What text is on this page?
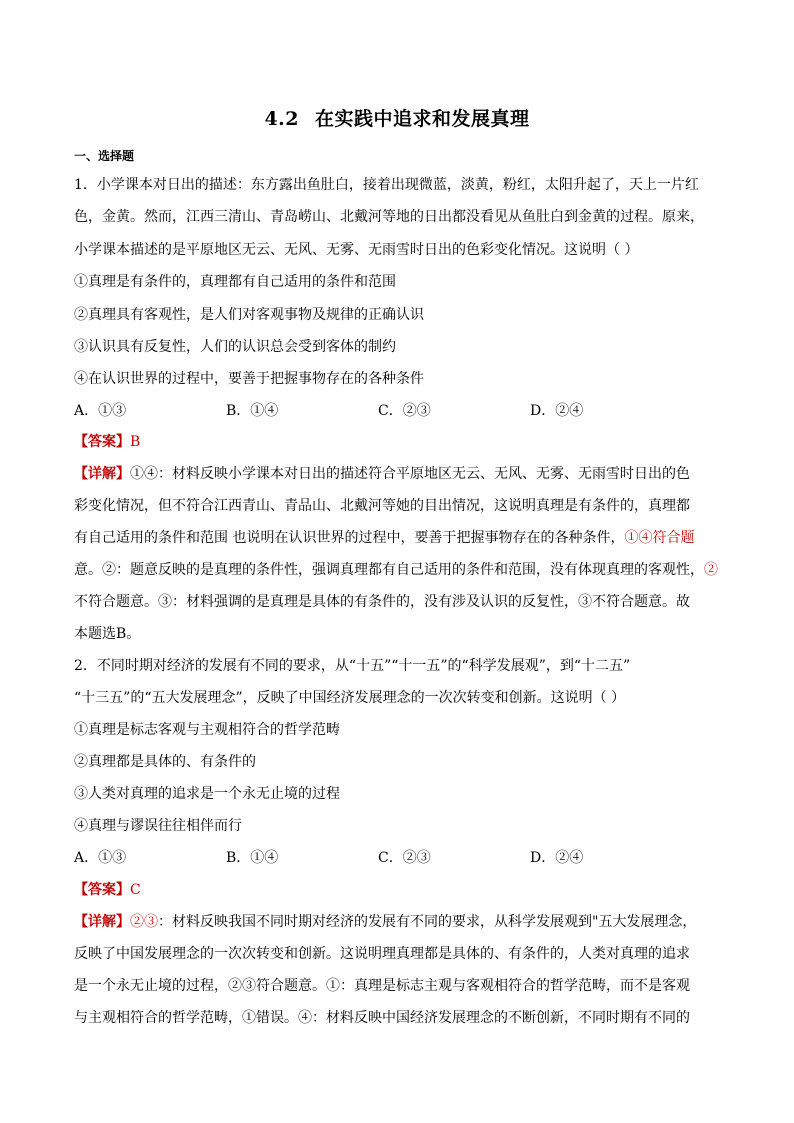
4.2 在实践中追求和发展真理
一、选择题
1．小学课本对日出的描述：东方露出鱼肚白，接着出现微蓝，淡黄，粉红，太阳升起了，天上一片红
色，金黄。然而，江西三清山、青岛崂山、北戴河等地的日出都没看见从鱼肚白到金黄的过程。原来，
小学课本描述的是平原地区无云、无风、无雾、无雨雪时日出的色彩变化情况。这说明（ ）
①真理是有条件的，真理都有自己适用的条件和范围
②真理具有客观性，是人们对客观事物及规律的正确认识
③认识具有反复性，人们的认识总会受到客体的制约
④在认识世界的过程中，要善于把握事物存在的各种条件
A．①③	B．①④	C．②③	D．②④
【答案】B
【详解】①④：材料反映小学课本对日出的描述符合平原地区无云、无风、无雾、无雨雪时日出的色
彩变化情况，但不符合江西青山、青品山、北戴河等她的目出情况，这说明真理是有条件的，真理都
有自己适用的条件和范围 也说明在认识世界的过程中，要善于把握事物存在的各种条件，①④符合题
意。②：题意反映的是真理的条件性，强调真理都有自己适用的条件和范围，没有体现真理的客观性，②
不符合题意。③：材料强调的是真理是具体的有条件的，没有涉及认识的反复性，③不符合题意。故
本题选B。
2．不同时期对经济的发展有不同的要求，从“十五”“十一五”的“科学发展观”，到“十二五”
“十三五”的“五大发展理念”，反映了中国经济发展理念的一次次转变和创新。这说明（ ）
①真理是标志客观与主观相符合的哲学范畴
②真理都是具体的、有条件的
③人类对真理的追求是一个永无止境的过程
④真理与谬误往往相伴而行
A．①③	B．①④	C．②③	D．②④
【答案】C
【详解】②③：材料反映我国不同时期对经济的发展有不同的要求，从科学发展观到"五大发展理念，
反映了中国发展理念的一次次转变和创新。这说明理真理都是具体的、有条件的，人类对真理的追求
是一个永无止境的过程，②③符合题意。①：真理是标志主观与客观相符合的哲学范畴，而不是客观
与主观相符合的哲学范畴，①错误。④：材料反映中国经济发展理念的不断创新，不同时期有不同的
